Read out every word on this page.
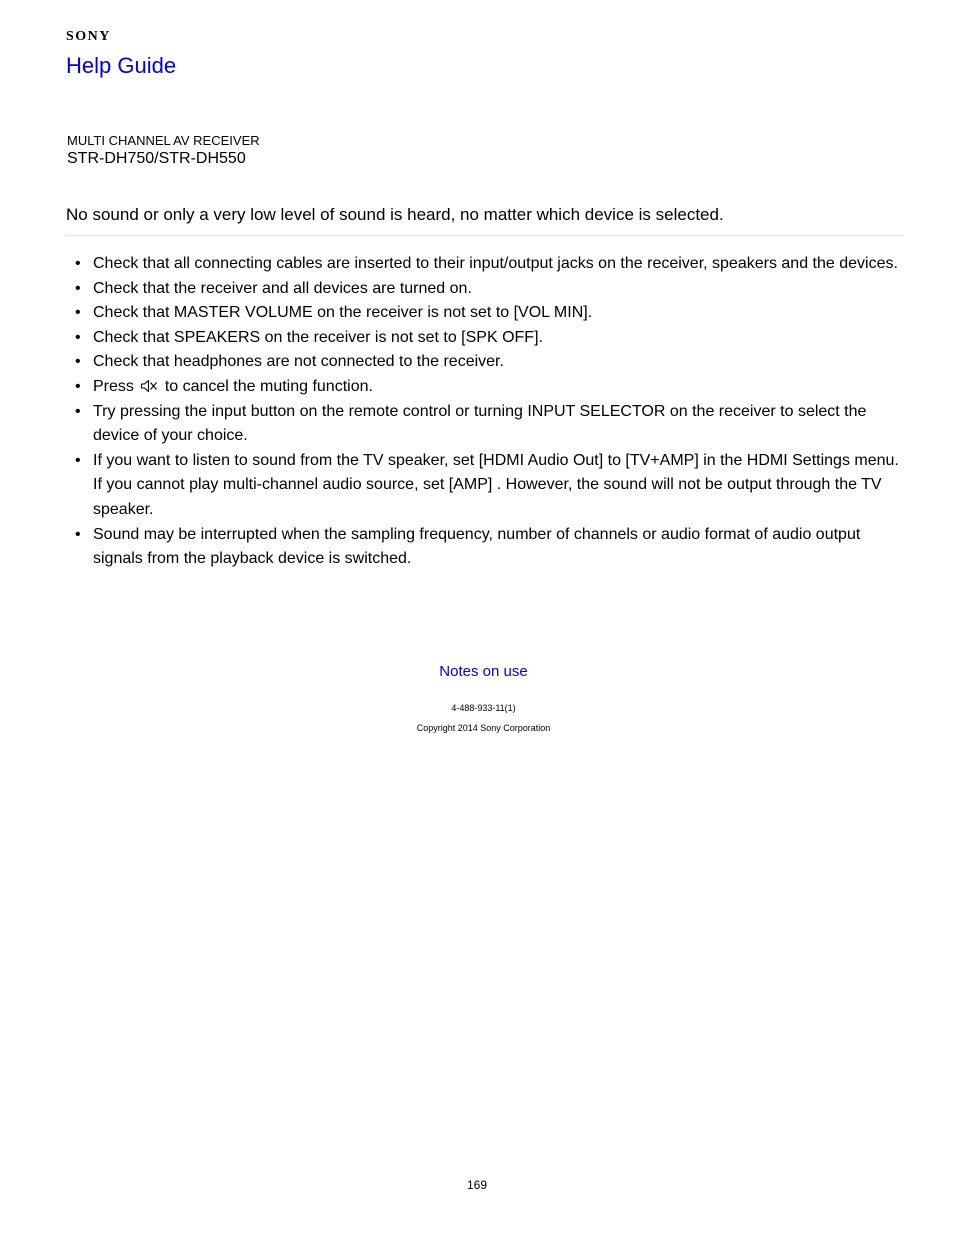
SONY
Help Guide
MULTI CHANNEL AV RECEIVER
STR-DH750/STR-DH550
No sound or only a very low level of sound is heard, no matter which device is selected.
• Check that all connecting cables are inserted to their input/output jacks on the receiver, speakers and the devices.
• Check that the receiver and all devices are turned on.
• Check that MASTER VOLUME on the receiver is not set to [VOL MIN].
• Check that SPEAKERS on the receiver is not set to [SPK OFF].
• Check that headphones are not connected to the receiver.
• Press to cancel the muting function.
• Try pressing the input button on the remote control or turning INPUT SELECTOR on the receiver to select the device of your choice.
• If you want to listen to sound from the TV speaker, set [HDMI Audio Out] to [TV+AMP] in the HDMI Settings menu. If you cannot play multi-channel audio source, set [AMP] . However, the sound will not be output through the TV speaker.
• Sound may be interrupted when the sampling frequency, number of channels or audio format of audio output signals from the playback device is switched.
Notes on use
4-488-933-11(1)
Copyright 2014 Sony Corporation
169
